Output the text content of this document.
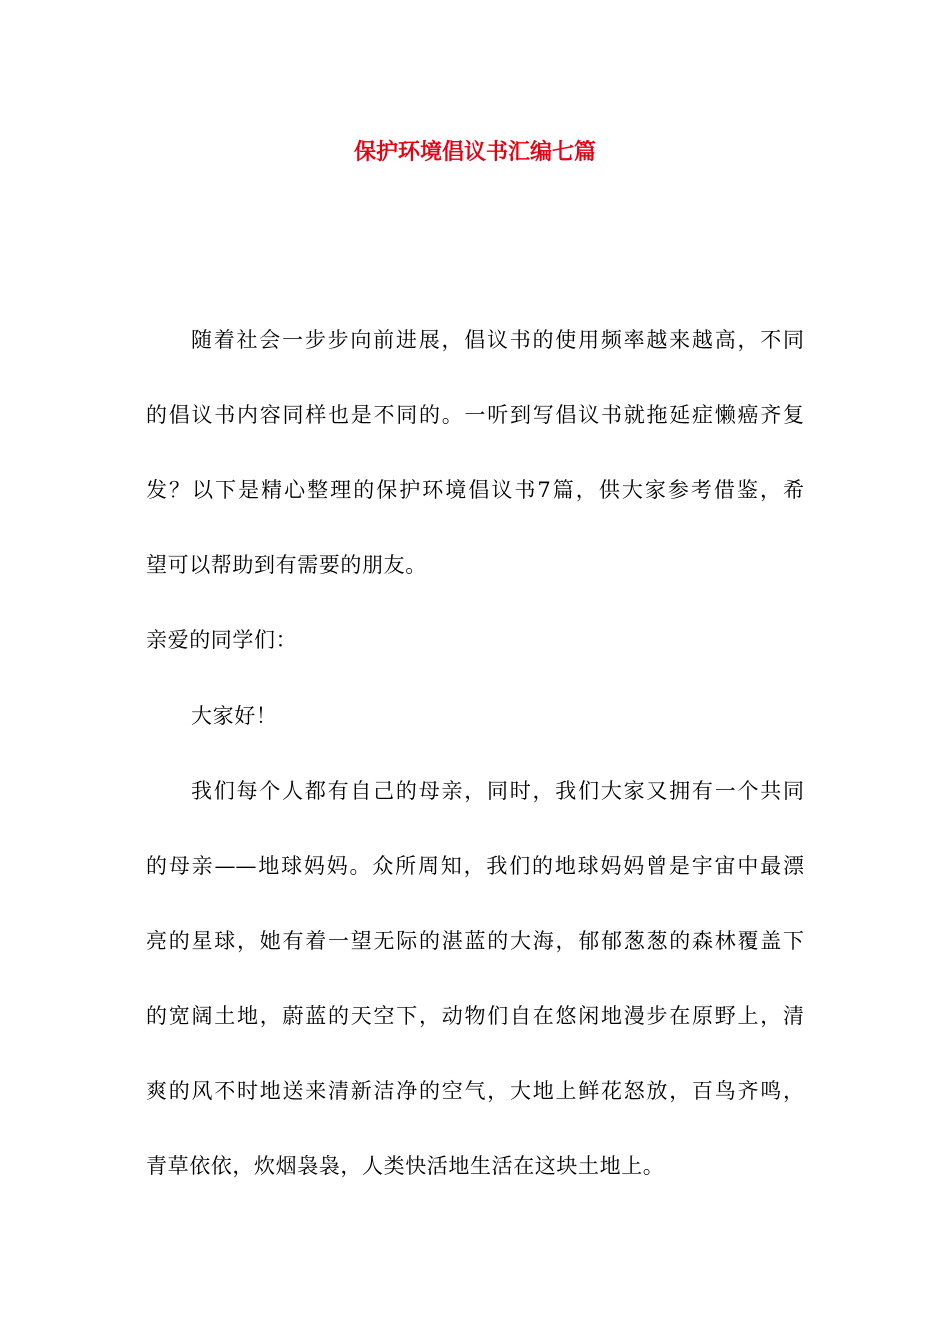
保护环境倡议书汇编七篇
随着社会一步步向前进展，倡议书的使用频率越来越高，不同
的倡议书内容同样也是不同的。一听到写倡议书就拖延症懒癌齐复
发？以下是精心整理的保护环境倡议书7篇，供大家参考借鉴，希
望可以帮助到有需要的朋友。
亲爱的同学们：
大家好！
我们每个人都有自己的母亲，同时，我们大家又拥有一个共同
的母亲——地球妈妈。众所周知，我们的地球妈妈曾是宇宙中最漂
亮的星球，她有着一望无际的湛蓝的大海，郁郁葱葱的森林覆盖下
的宽阔土地，蔚蓝的天空下，动物们自在悠闲地漫步在原野上，清
爽的风不时地送来清新洁净的空气，大地上鲜花怒放，百鸟齐鸣，
青草依依，炊烟袅袅，人类快活地生活在这块土地上。
